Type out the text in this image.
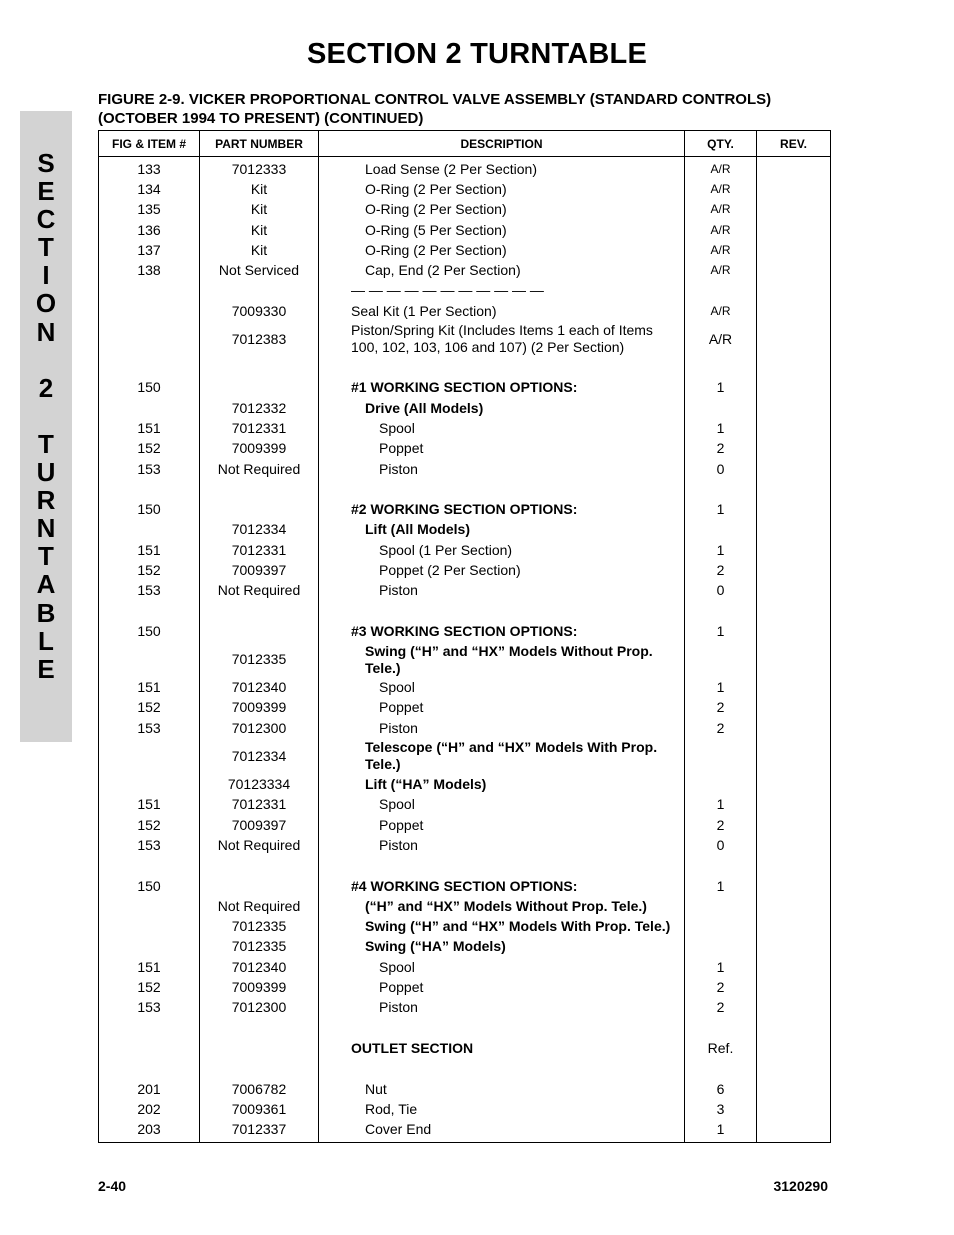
SECTION 2 TURNTABLE
S
E
C
T
I
O
N
2
T
U
R
N
T
A
B
L
E
FIGURE 2-9. VICKER PROPORTIONAL CONTROL VALVE ASSEMBLY (STANDARD CONTROLS)
(OCTOBER 1994 TO PRESENT) (CONTINUED)
FIG & ITEM #	PART NUMBER	DESCRIPTION	QTY.	REV.
133	7012333	Load Sense (2 Per Section)	A/R	
134	Kit	O-Ring (2 Per Section)	A/R	
135	Kit	O-Ring (2 Per Section)	A/R	
136	Kit	O-Ring (5 Per Section)	A/R	
137	Kit	O-Ring (2 Per Section)	A/R	
138	Not Serviced	Cap, End (2 Per Section)	A/R	
		— — — — — — — — — — —		
	7009330	Seal Kit (1 Per Section)	A/R	
	7012383	Piston/Spring Kit (Includes Items 1 each of Items 100, 102, 103, 106 and 107) (2 Per Section)	A/R	

150		#1 WORKING SECTION OPTIONS:	1	
	7012332	Drive (All Models)		
151	7012331	Spool	1	
152	7009399	Poppet	2	
153	Not Required	Piston	0	

150		#2 WORKING SECTION OPTIONS:	1	
	7012334	Lift (All Models)		
151	7012331	Spool (1 Per Section)	1	
152	7009397	Poppet (2 Per Section)	2	
153	Not Required	Piston	0	

150		#3 WORKING SECTION OPTIONS:	1	
	7012335	Swing (“H” and “HX” Models Without Prop. Tele.)		
151	7012340	Spool	1	
152	7009399	Poppet	2	
153	7012300	Piston	2	
	7012334	Telescope (“H” and “HX” Models With Prop. Tele.)		
	70123334	Lift (“HA” Models)		
151	7012331	Spool	1	
152	7009397	Poppet	2	
153	Not Required	Piston	0	

150		#4 WORKING SECTION OPTIONS:	1	
	Not Required	(“H” and “HX” Models Without Prop. Tele.)		
	7012335	Swing (“H” and “HX” Models With Prop. Tele.)		
	7012335	Swing (“HA” Models)		
151	7012340	Spool	1	
152	7009399	Poppet	2	
153	7012300	Piston	2	

		OUTLET SECTION	Ref.	

201	7006782	Nut	6	
202	7009361	Rod, Tie	3	
203	7012337	Cover End	1	
2-40	3120290
